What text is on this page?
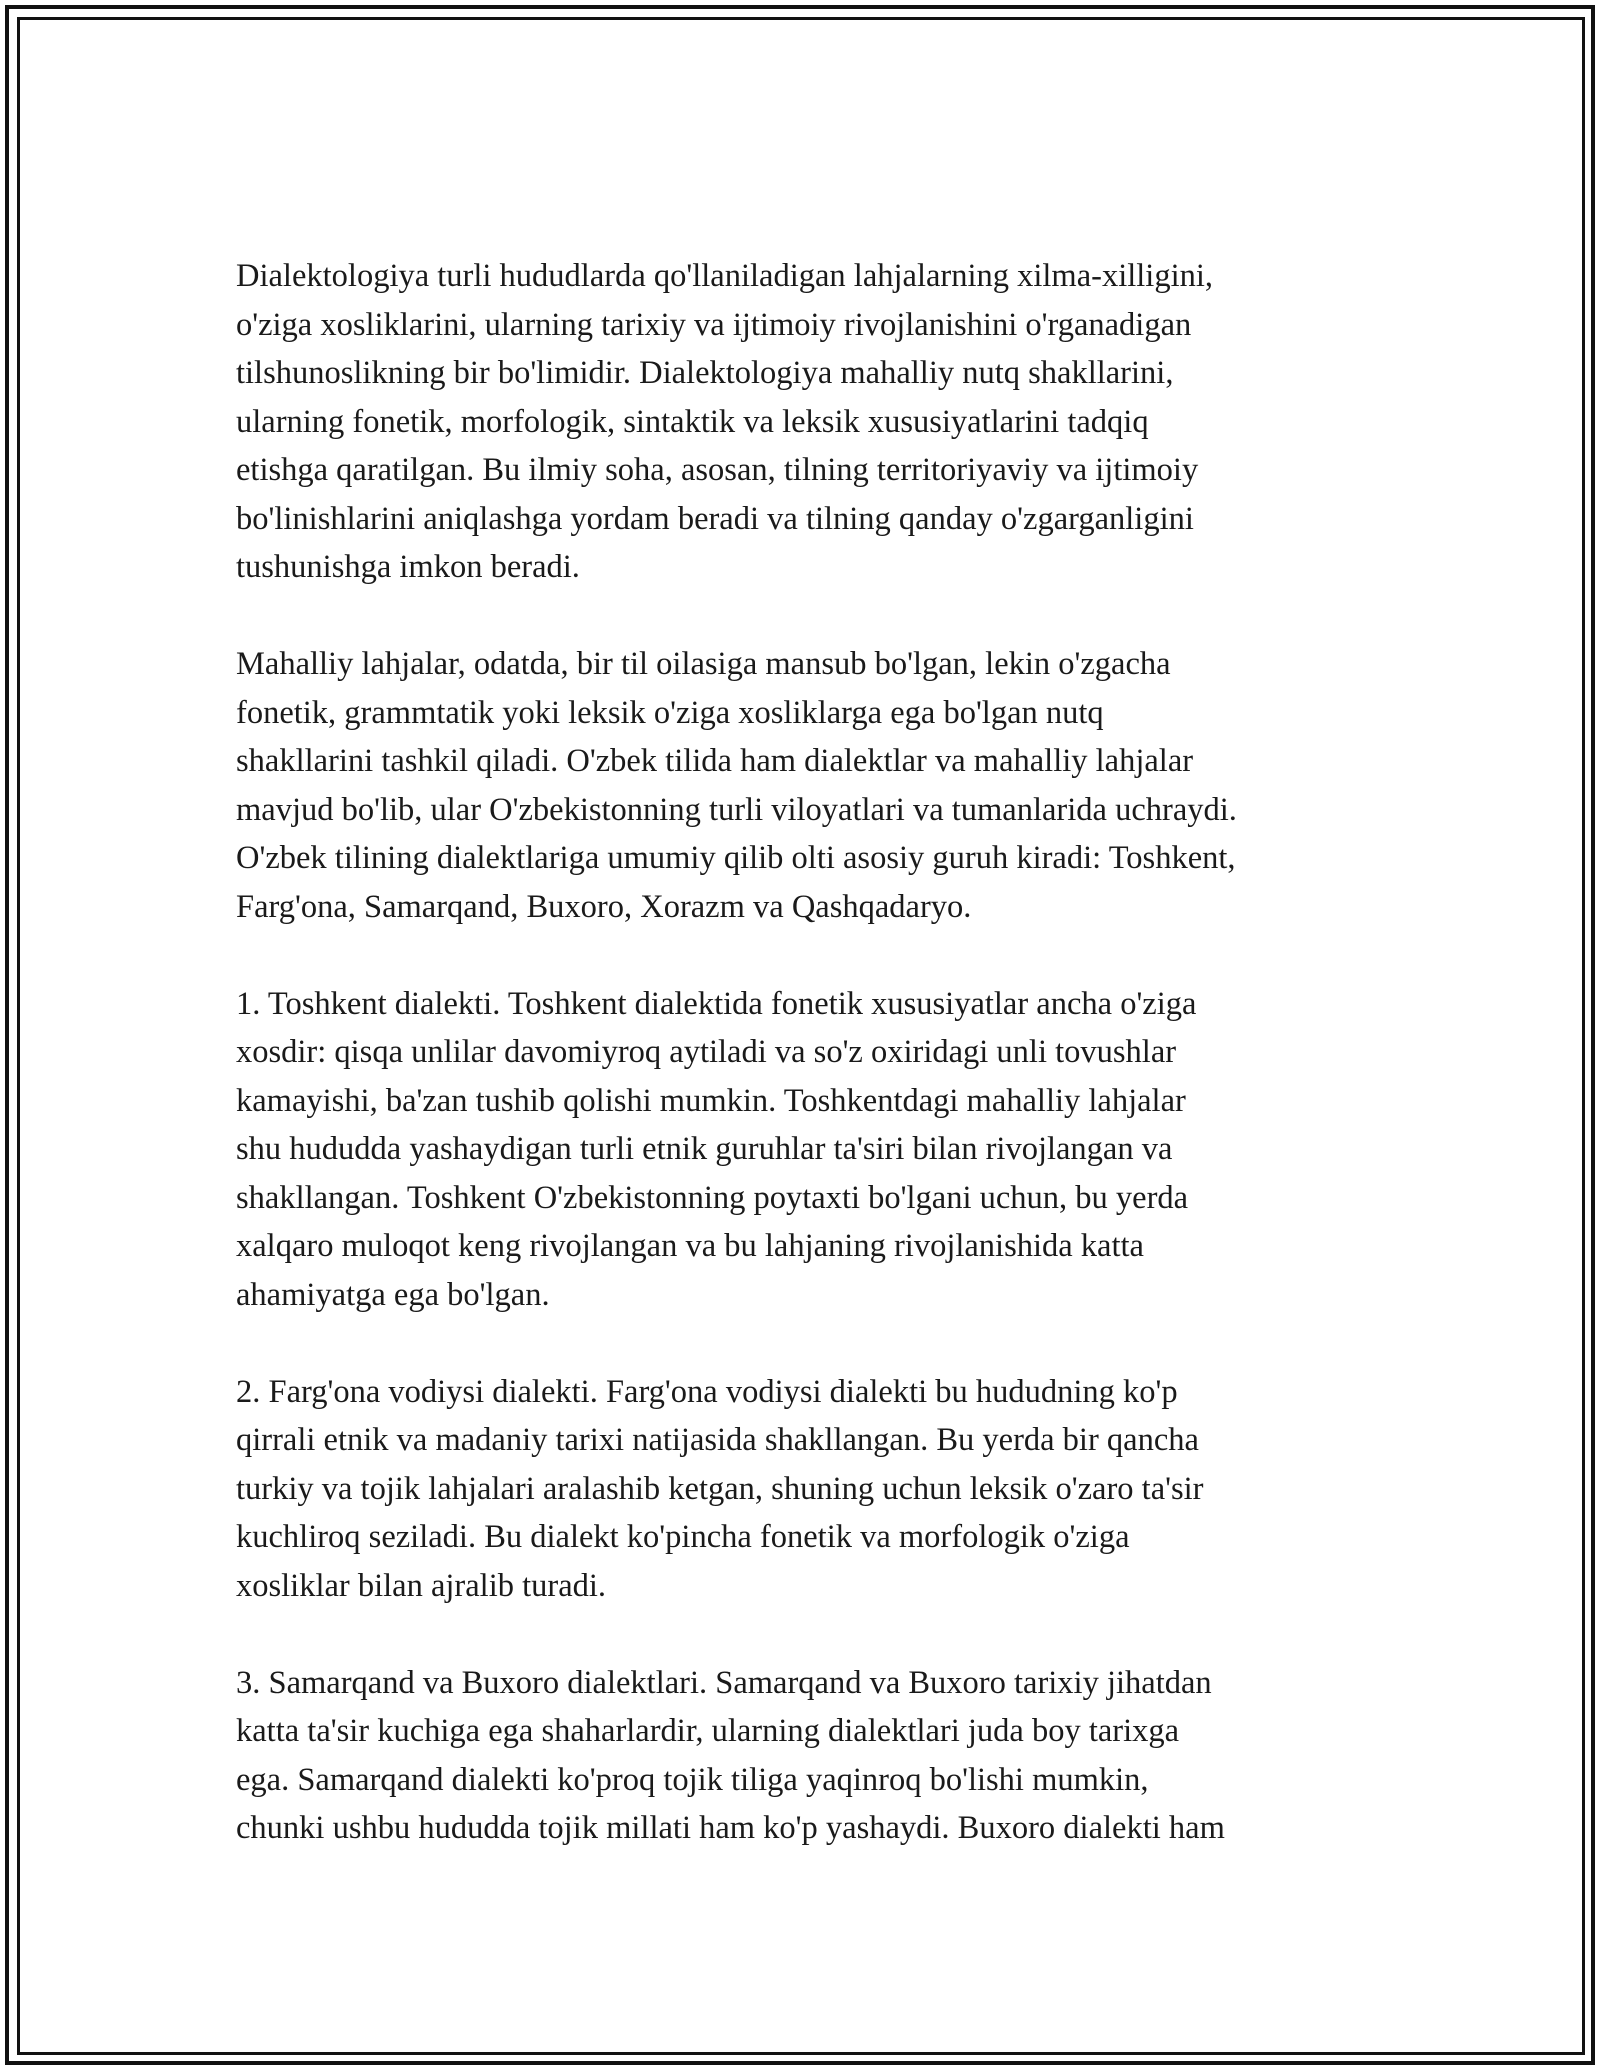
Dialektologiya turli hududlarda qo'llaniladigan lahjalarning xilma-xilligini,
o'ziga xosliklarini, ularning tarixiy va ijtimoiy rivojlanishini o'rganadigan
tilshunoslikning bir bo'limidir. Dialektologiya mahalliy nutq shakllarini,
ularning fonetik, morfologik, sintaktik va leksik xususiyatlarini tadqiq
etishga qaratilgan. Bu ilmiy soha, asosan, tilning territoriyaviy va ijtimoiy
bo'linishlarini aniqlashga yordam beradi va tilning qanday o'zgarganligini
tushunishga imkon beradi.

Mahalliy lahjalar, odatda, bir til oilasiga mansub bo'lgan, lekin o'zgacha
fonetik, grammtatik yoki leksik o'ziga xosliklarga ega bo'lgan nutq
shakllarini tashkil qiladi. O'zbek tilida ham dialektlar va mahalliy lahjalar
mavjud bo'lib, ular O'zbekistonning turli viloyatlari va tumanlarida uchraydi.
O'zbek tilining dialektlariga umumiy qilib olti asosiy guruh kiradi: Toshkent,
Farg'ona, Samarqand, Buxoro, Xorazm va Qashqadaryo.

1. Toshkent dialekti. Toshkent dialektida fonetik xususiyatlar ancha o'ziga
xosdir: qisqa unlilar davomiyroq aytiladi va so'z oxiridagi unli tovushlar
kamayishi, ba'zan tushib qolishi mumkin. Toshkentdagi mahalliy lahjalar
shu hududda yashaydigan turli etnik guruhlar ta'siri bilan rivojlangan va
shakllangan. Toshkent O'zbekistonning poytaxti bo'lgani uchun, bu yerda
xalqaro muloqot keng rivojlangan va bu lahjaning rivojlanishida katta
ahamiyatga ega bo'lgan.

2. Farg'ona vodiysi dialekti. Farg'ona vodiysi dialekti bu hududning ko'p
qirrali etnik va madaniy tarixi natijasida shakllangan. Bu yerda bir qancha
turkiy va tojik lahjalari aralashib ketgan, shuning uchun leksik o'zaro ta'sir
kuchliroq seziladi. Bu dialekt ko'pincha fonetik va morfologik o'ziga
xosliklar bilan ajralib turadi.

3. Samarqand va Buxoro dialektlari. Samarqand va Buxoro tarixiy jihatdan
katta ta'sir kuchiga ega shaharlardir, ularning dialektlari juda boy tarixga
ega. Samarqand dialekti ko'proq tojik tiliga yaqinroq bo'lishi mumkin,
chunki ushbu hududda tojik millati ham ko'p yashaydi. Buxoro dialekti ham
